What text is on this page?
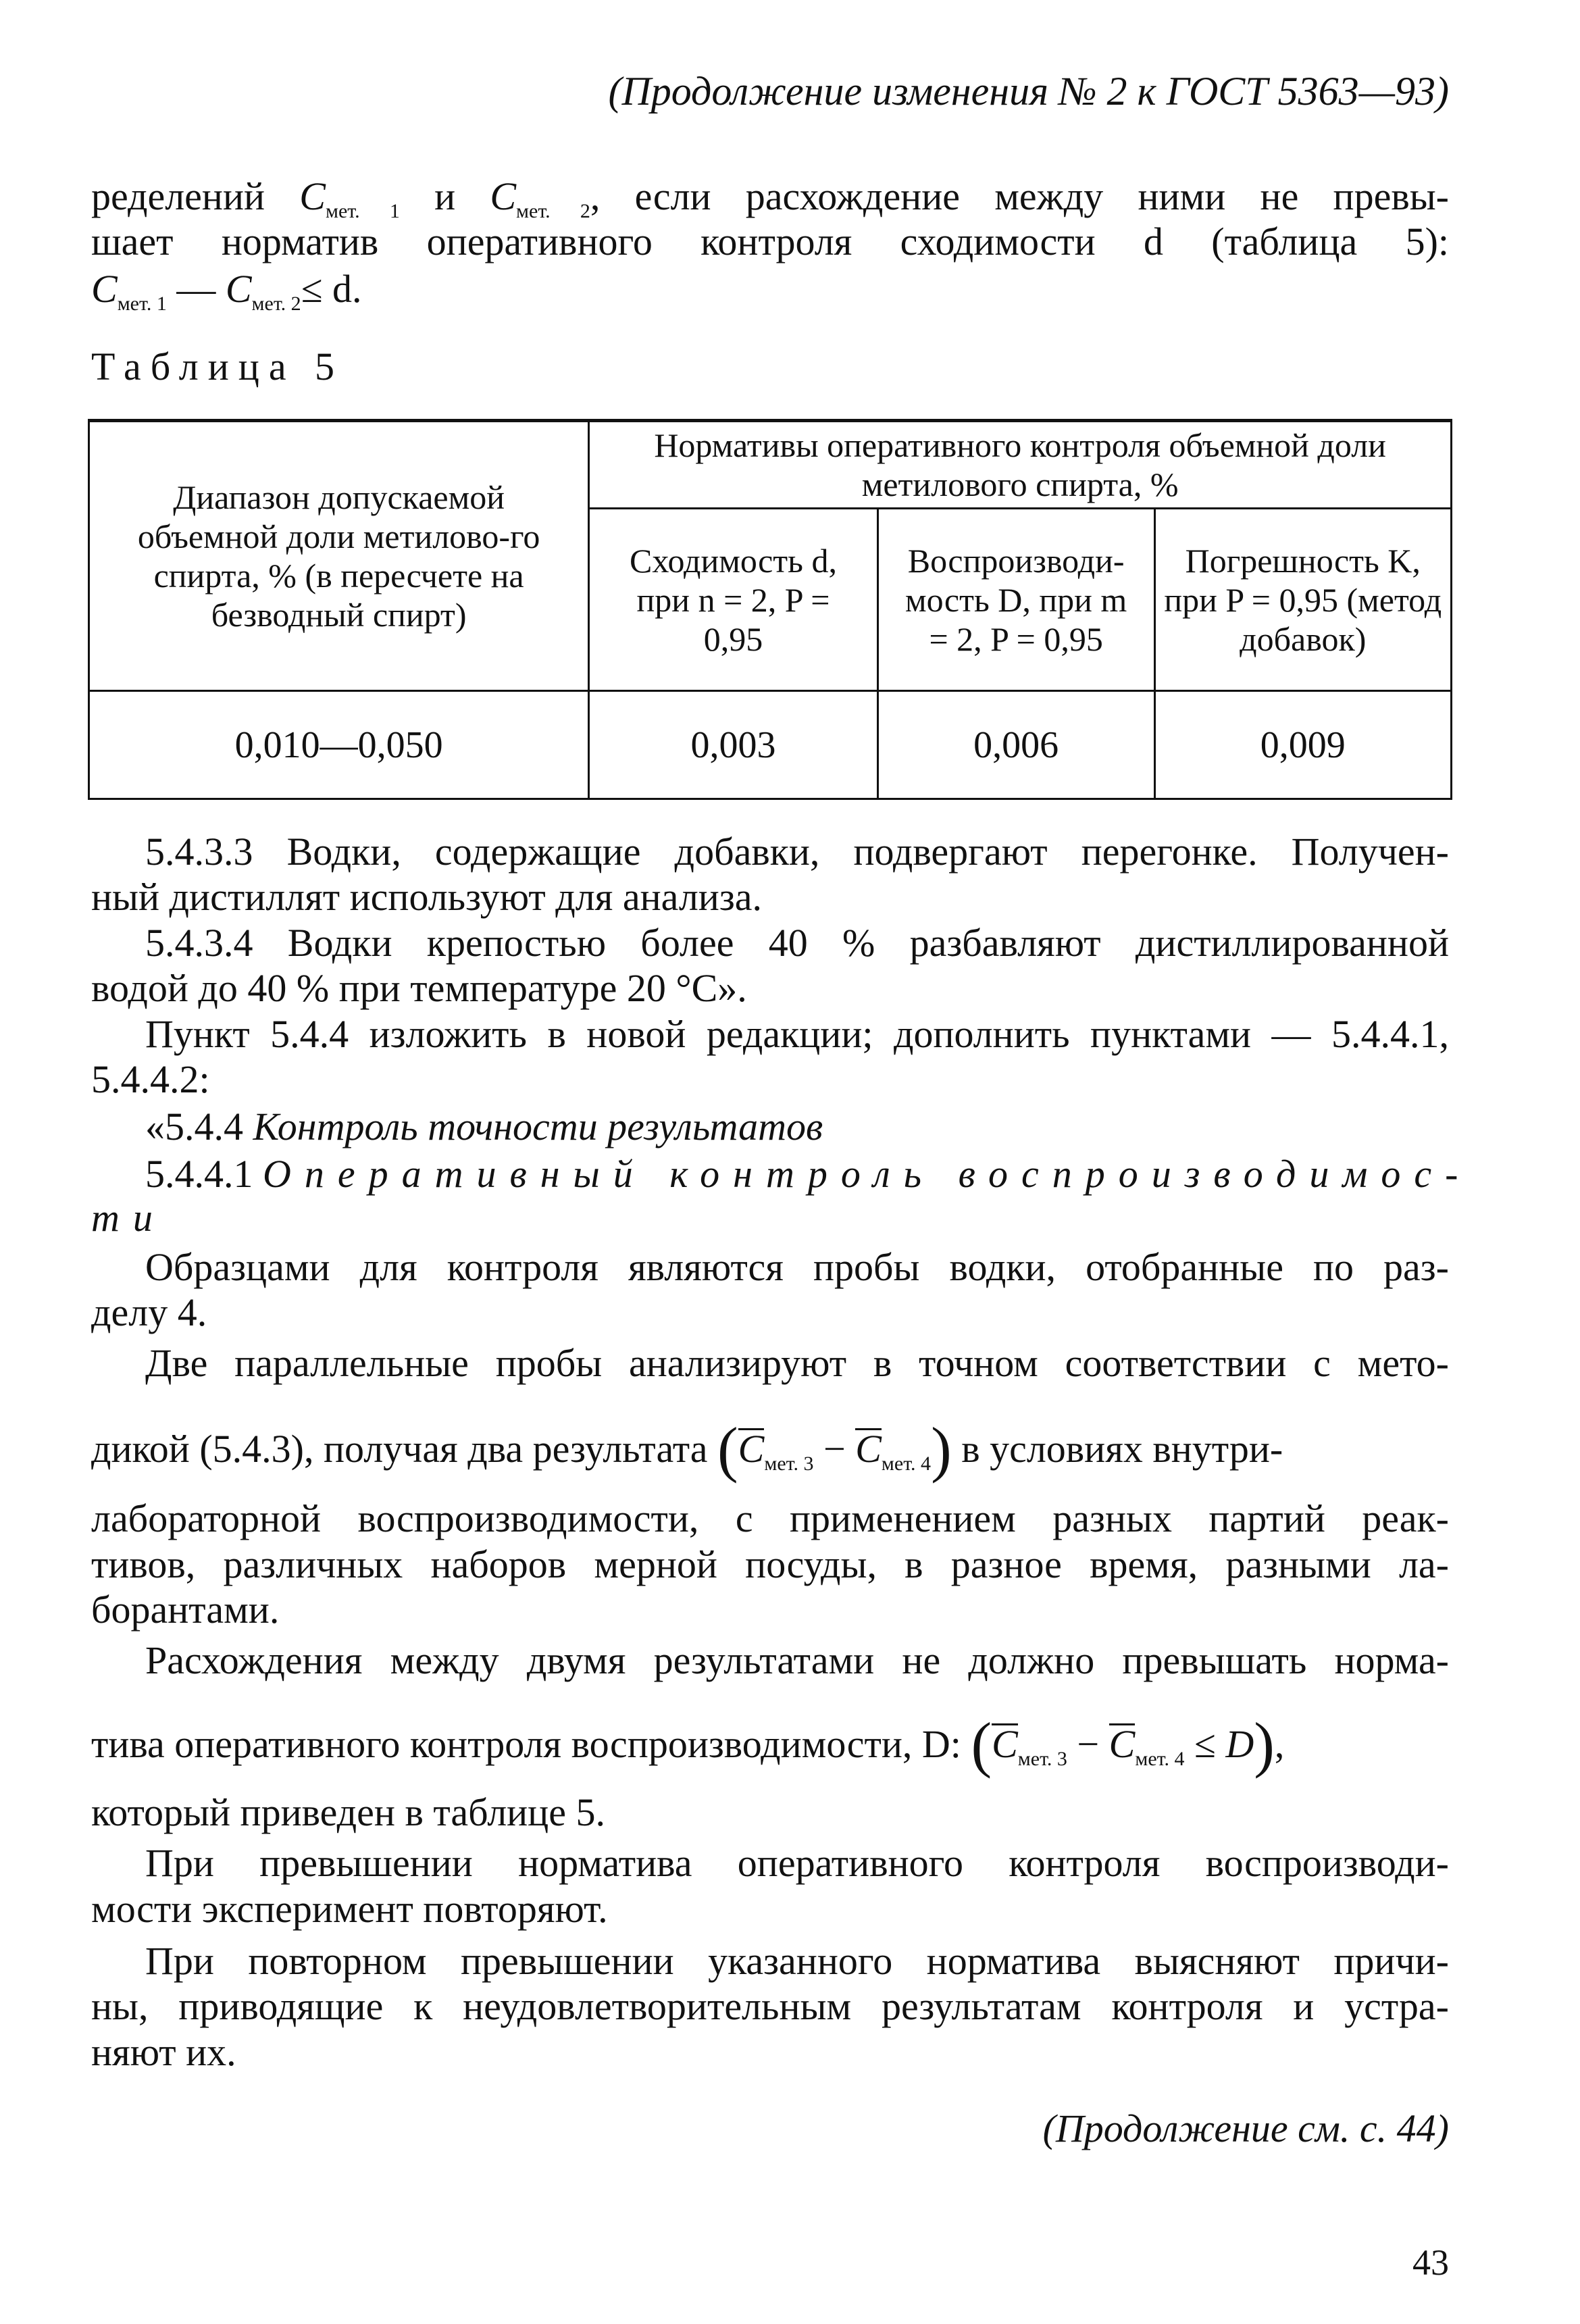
(Продолжение изменения № 2 к ГОСТ 5363—93)
ределений $C_{мет. 1}$ и $C_{мет. 2}$, если расхождение между ними не превы-
шает норматив оперативного контроля сходимости d (таблица 5):
$C_{мет. 1}$ — $C_{мет. 2}\le d$.
Таблица 5
Диапазон допускаемой объемной доли метилово-го спирта, % (в пересчете на безводный спирт)	Нормативы оперативного контроля объемной доли метилового спирта, %		
	Сходимость d, при n = 2, P = 0,95	Воспроизводи-мость D, при m = 2, P = 0,95	Погрешность K, при P = 0,95 (метод добавок)
0,010—0,050	0,003	0,006	0,009
5.4.3.3 Водки, содержащие добавки, подвергают перегонке. Получен-
ный дистиллят используют для анализа.
5.4.3.4 Водки крепостью более 40 % разбавляют дистиллированной
водой до 40 % при температуре 20 °С».
Пункт 5.4.4 изложить в новой редакции; дополнить пунктами — 5.4.4.1,
5.4.4.2:
«5.4.4 Контроль точности результатов
5.4.4.1 Оперативный контроль воспроизводимос-
ти
Образцами для контроля являются пробы водки, отобранные по раз-
делу 4.
Две параллельные пробы анализируют в точном соответствии с мето-
дикой (5.4.3), получая два результата $(C_{мет. 3} - C_{мет. 4})$ в условиях внутри-
лабораторной воспроизводимости, с применением разных партий реак-
тивов, различных наборов мерной посуды, в разное время, разными ла-
борантами.
Расхождения между двумя результатами не должно превышать норма-
тива оперативного контроля воспроизводимости, D: $(C_{мет. 3} - C_{мет. 4} \le D)$,
который приведен в таблице 5.
При превышении норматива оперативного контроля воспроизводи-
мости эксперимент повторяют.
При повторном превышении указанного норматива выясняют причи-
ны, приводящие к неудовлетворительным результатам контроля и устра-
няют их.
(Продолжение см. с. 44)
43
